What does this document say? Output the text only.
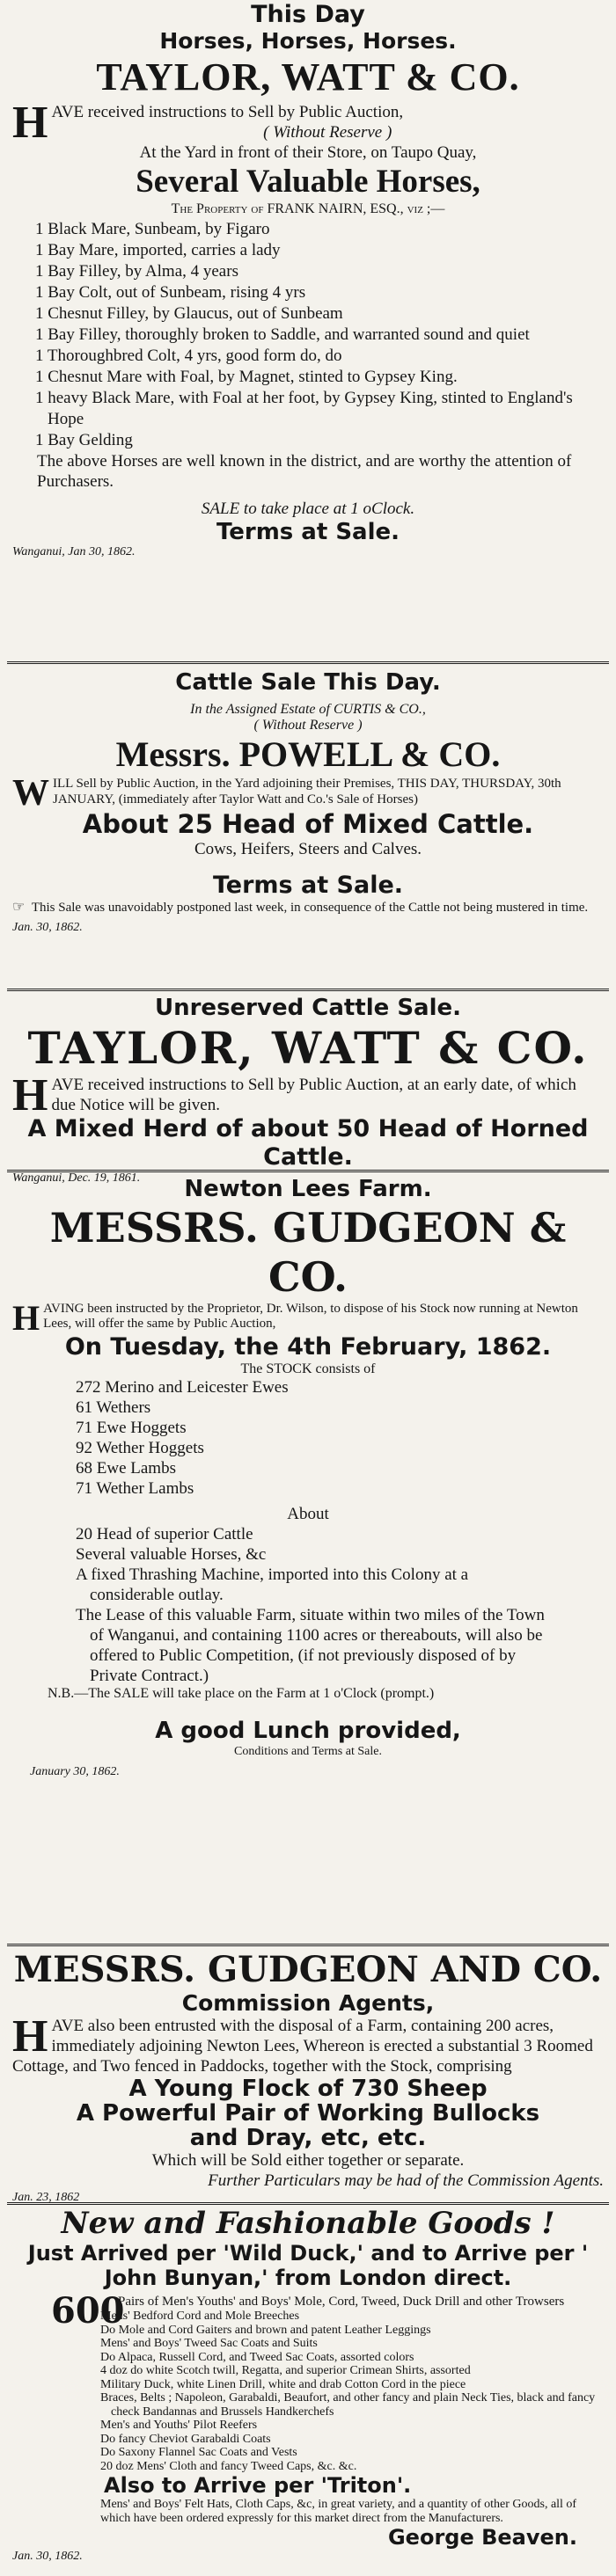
This Day
Horses, Horses, Horses.
TAYLOR, WATT & CO.
H AVE received instructions to Sell by Public Auction,
( Without Reserve )
At the Yard in front of their Store, on Taupo Quay,
Several Valuable Horses,
The Property of FRANK NAIRN, ESQ., viz ;—
1 Black Mare, Sunbeam, by Figaro
1 Bay Mare, imported, carries a lady
1 Bay Filley, by Alma, 4 years
1 Bay Colt, out of Sunbeam, rising 4 yrs
1 Chesnut Filley, by Glaucus, out of Sunbeam
1 Bay Filley, thoroughly broken to Saddle, and warranted sound and quiet
1 Thoroughbred Colt, 4 yrs, good form do, do
1 Chesnut Mare with Foal, by Magnet, stinted to Gypsey King.
1 heavy Black Mare, with Foal at her foot, by Gypsey King, stinted to England's Hope
1 Bay Gelding
The above Horses are well known in the district, and are worthy the attention of Purchasers.
SALE to take place at 1 oClock.
Terms at Sale.
Wanganui, Jan 30, 1862.
Cattle Sale This Day.
In the Assigned Estate of CURTIS & CO.,
( Without Reserve )
Messrs. POWELL & CO.
W ILL Sell by Public Auction, in the Yard adjoining their Premises, THIS DAY, THURSDAY, 30th JANUARY, (immediately after Taylor Watt and Co.'s Sale of Horses)
About 25 Head of Mixed Cattle.
Cows, Heifers, Steers and Calves.
Terms at Sale.
☞ This Sale was unavoidably postponed last week, in consequence of the Cattle not being mustered in time.
Jan. 30, 1862.
Unreserved Cattle Sale.
TAYLOR, WATT & CO.
H AVE received instructions to Sell by Public Auction, at an early date, of which due Notice will be given.
A Mixed Herd of about 50 Head of Horned Cattle.
Wanganui, Dec. 19, 1861.	Newton Lees Farm.
MESSRS. GUDGEON & CO.
H AVING been instructed by the Proprietor, Dr. Wilson, to dispose of his Stock now running at Newton Lees, will offer the same by Public Auction,
On Tuesday, the 4th February, 1862.
The STOCK consists of
272 Merino and Leicester Ewes
61 Wethers
71 Ewe Hoggets
92 Wether Hoggets
68 Ewe Lambs
71 Wether Lambs
About
20 Head of superior Cattle
Several valuable Horses, &c
A fixed Thrashing Machine, imported into this Colony at a considerable outlay.
The Lease of this valuable Farm, situate within two miles of the Town of Wanganui, and containing 1100 acres or thereabouts, will also be offered to Public Competition, (if not previously disposed of by Private Contract.)
N.B.—The SALE will take place on the Farm at 1 o'Clock (prompt.)
A good Lunch provided,
Conditions and Terms at Sale.
January 30, 1862.
MESSRS. GUDGEON AND CO.
Commission Agents,
H AVE also been entrusted with the disposal of a Farm, containing 200 acres, immediately adjoining Newton Lees, Whereon is erected a substantial 3 Roomed Cottage, and Two fenced in Paddocks, together with the Stock, comprising
A Young Flock of 730 Sheep
A Powerful Pair of Working Bullocks
and Dray, etc, etc.
Which will be Sold either together or separate.
Further Particulars may be had of the Commission Agents.
Jan. 23, 1862
New and Fashionable Goods !
Just Arrived per 'Wild Duck,' and to Arrive per ' John Bunyan,' from London direct.
600
Pairs of Men's Youths' and Boys' Mole, Cord, Tweed, Duck Drill and other Trowsers
Mens' Bedford Cord and Mole Breeches
Do Mole and Cord Gaiters and brown and patent Leather Leggings
Mens' and Boys' Tweed Sac Coats and Suits
Do Alpaca, Russell Cord, and Tweed Sac Coats, assorted colors
4 doz do white Scotch twill, Regatta, and superior Crimean Shirts, assorted
Military Duck, white Linen Drill, white and drab Cotton Cord in the piece
Braces, Belts ; Napoleon, Garabaldi, Beaufort, and other fancy and plain Neck Ties, black and fancy check Bandannas and Brussels Handkerchefs
Men's and Youths' Pilot Reefers
Do fancy Cheviot Garabaldi Coats
Do Saxony Flannel Sac Coats and Vests
20 doz Mens' Cloth and fancy Tweed Caps, &c. &c.
Also to Arrive per 'Triton'.
Mens' and Boys' Felt Hats, Cloth Caps, &c, in great variety, and a quantity of other Goods, all of which have been ordered expressly for this market direct from the Manufacturers.
George Beaven.
Jan. 30, 1862.
